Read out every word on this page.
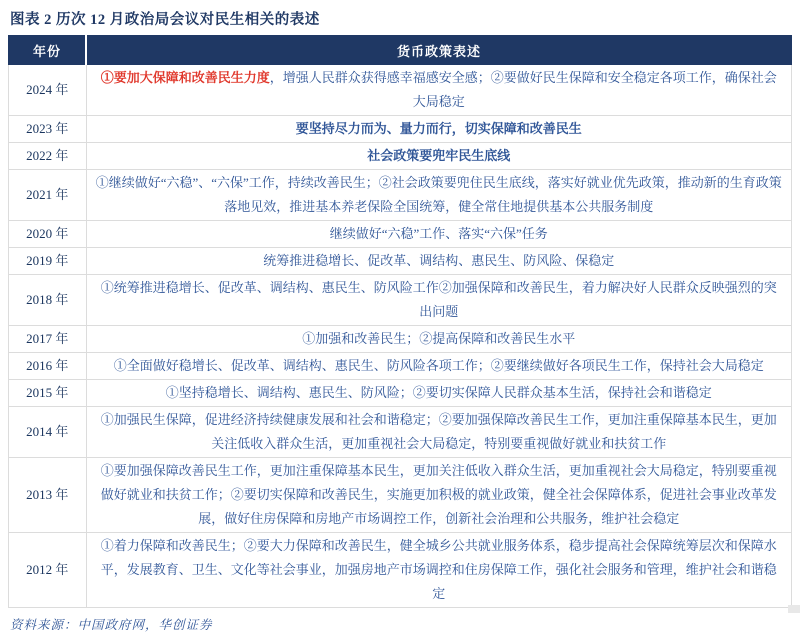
图表 2 历次 12 月政治局会议对民生相关的表述
年份	货币政策表述
2024 年	①要加大保障和改善民生力度，增强人民群众获得感幸福感安全感；②要做好民生保障和安全稳定各项工作，确保社会大局稳定
2023 年	要坚持尽力而为、量力而行，切实保障和改善民生
2022 年	社会政策要兜牢民生底线
2021 年	①继续做好“六稳”、“六保”工作，持续改善民生；②社会政策要兜住民生底线，落实好就业优先政策，推动新的生育政策落地见效，推进基本养老保险全国统筹，健全常住地提供基本公共服务制度
2020 年	继续做好“六稳”工作、落实“六保”任务
2019 年	统筹推进稳增长、促改革、调结构、惠民生、防风险、保稳定
2018 年	①统筹推进稳增长、促改革、调结构、惠民生、防风险工作②加强保障和改善民生，着力解决好人民群众反映强烈的突出问题
2017 年	①加强和改善民生；②提高保障和改善民生水平
2016 年	①全面做好稳增长、促改革、调结构、惠民生、防风险各项工作；②要继续做好各项民生工作，保持社会大局稳定
2015 年	①坚持稳增长、调结构、惠民生、防风险；②要切实保障人民群众基本生活，保持社会和谐稳定
2014 年	①加强民生保障，促进经济持续健康发展和社会和谐稳定；②要加强保障改善民生工作，更加注重保障基本民生，更加关注低收入群众生活，更加重视社会大局稳定，特别要重视做好就业和扶贫工作
2013 年	①要加强保障改善民生工作，更加注重保障基本民生，更加关注低收入群众生活，更加重视社会大局稳定，特别要重视做好就业和扶贫工作；②要切实保障和改善民生，实施更加积极的就业政策，健全社会保障体系，促进社会事业改革发展，做好住房保障和房地产市场调控工作，创新社会治理和公共服务，维护社会稳定
2012 年	①着力保障和改善民生；②要大力保障和改善民生，健全城乡公共就业服务体系，稳步提高社会保障统筹层次和保障水平，发展教育、卫生、文化等社会事业，加强房地产市场调控和住房保障工作，强化社会服务和管理，维护社会和谐稳定
资料来源：中国政府网，华创证券
